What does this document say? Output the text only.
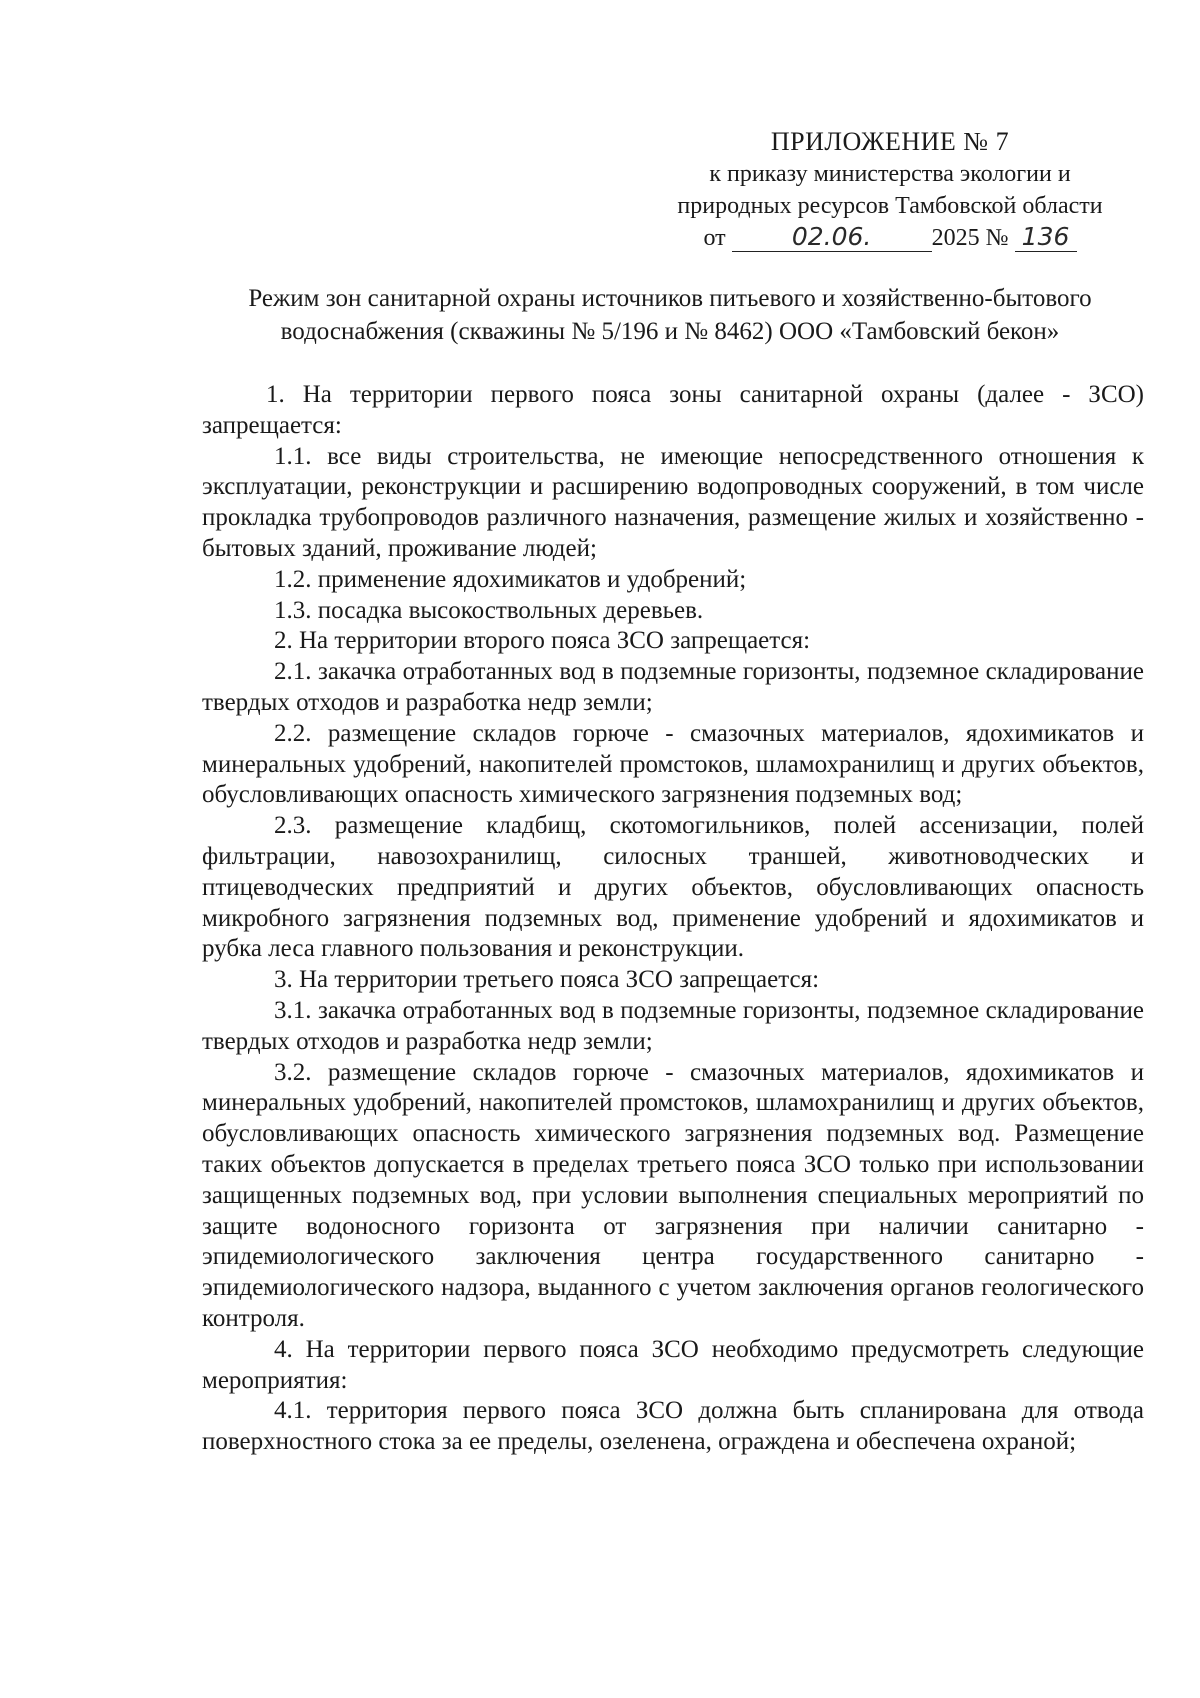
ПРИЛОЖЕНИЕ № 7
к приказу министерства экологии и
природных ресурсов Тамбовской области
от	02.06.	2025 № 136
Режим зон санитарной охраны источников питьевого и хозяйственно-бытового
водоснабжения (скважины № 5/196 и № 8462) ООО «Тамбовский бекон»

1. На территории первого пояса зоны санитарной охраны (далее - ЗСО) запрещается:

1.1. все виды строительства, не имеющие непосредственного отношения к эксплуатации, реконструкции и расширению водопроводных сооружений, в том числе прокладка трубопроводов различного назначения, размещение жилых и хозяйственно - бытовых зданий, проживание людей;

1.2. применение ядохимикатов и удобрений;

1.3. посадка высокоствольных деревьев.

2. На территории второго пояса ЗСО запрещается:

2.1. закачка отработанных вод в подземные горизонты, подземное складирование твердых отходов и разработка недр земли;

2.2. размещение складов горюче - смазочных материалов, ядохимикатов и минеральных удобрений, накопителей промстоков, шламохранилищ и других объектов, обусловливающих опасность химического загрязнения подземных вод;

2.3. размещение кладбищ, скотомогильников, полей ассенизации, полей фильтрации, навозохранилищ, силосных траншей, животноводческих и птицеводческих предприятий и других объектов, обусловливающих опасность микробного загрязнения подземных вод, применение удобрений и ядохимикатов и рубка леса главного пользования и реконструкции.

3. На территории третьего пояса ЗСО запрещается:

3.1. закачка отработанных вод в подземные горизонты, подземное складирование твердых отходов и разработка недр земли;

3.2. размещение складов горюче - смазочных материалов, ядохимикатов и минеральных удобрений, накопителей промстоков, шламохранилищ и других объектов, обусловливающих опасность химического загрязнения подземных вод. Размещение таких объектов допускается в пределах третьего пояса ЗСО только при использовании защищенных подземных вод, при условии выполнения специальных мероприятий по защите водоносного горизонта от загрязнения при наличии санитарно - эпидемиологического заключения центра государственного санитарно - эпидемиологического надзора, выданного с учетом заключения органов геологического контроля.

4. На территории первого пояса ЗСО необходимо предусмотреть следующие мероприятия:

4.1. территория первого пояса ЗСО должна быть спланирована для отвода поверхностного стока за ее пределы, озеленена, ограждена и обеспечена охраной;
